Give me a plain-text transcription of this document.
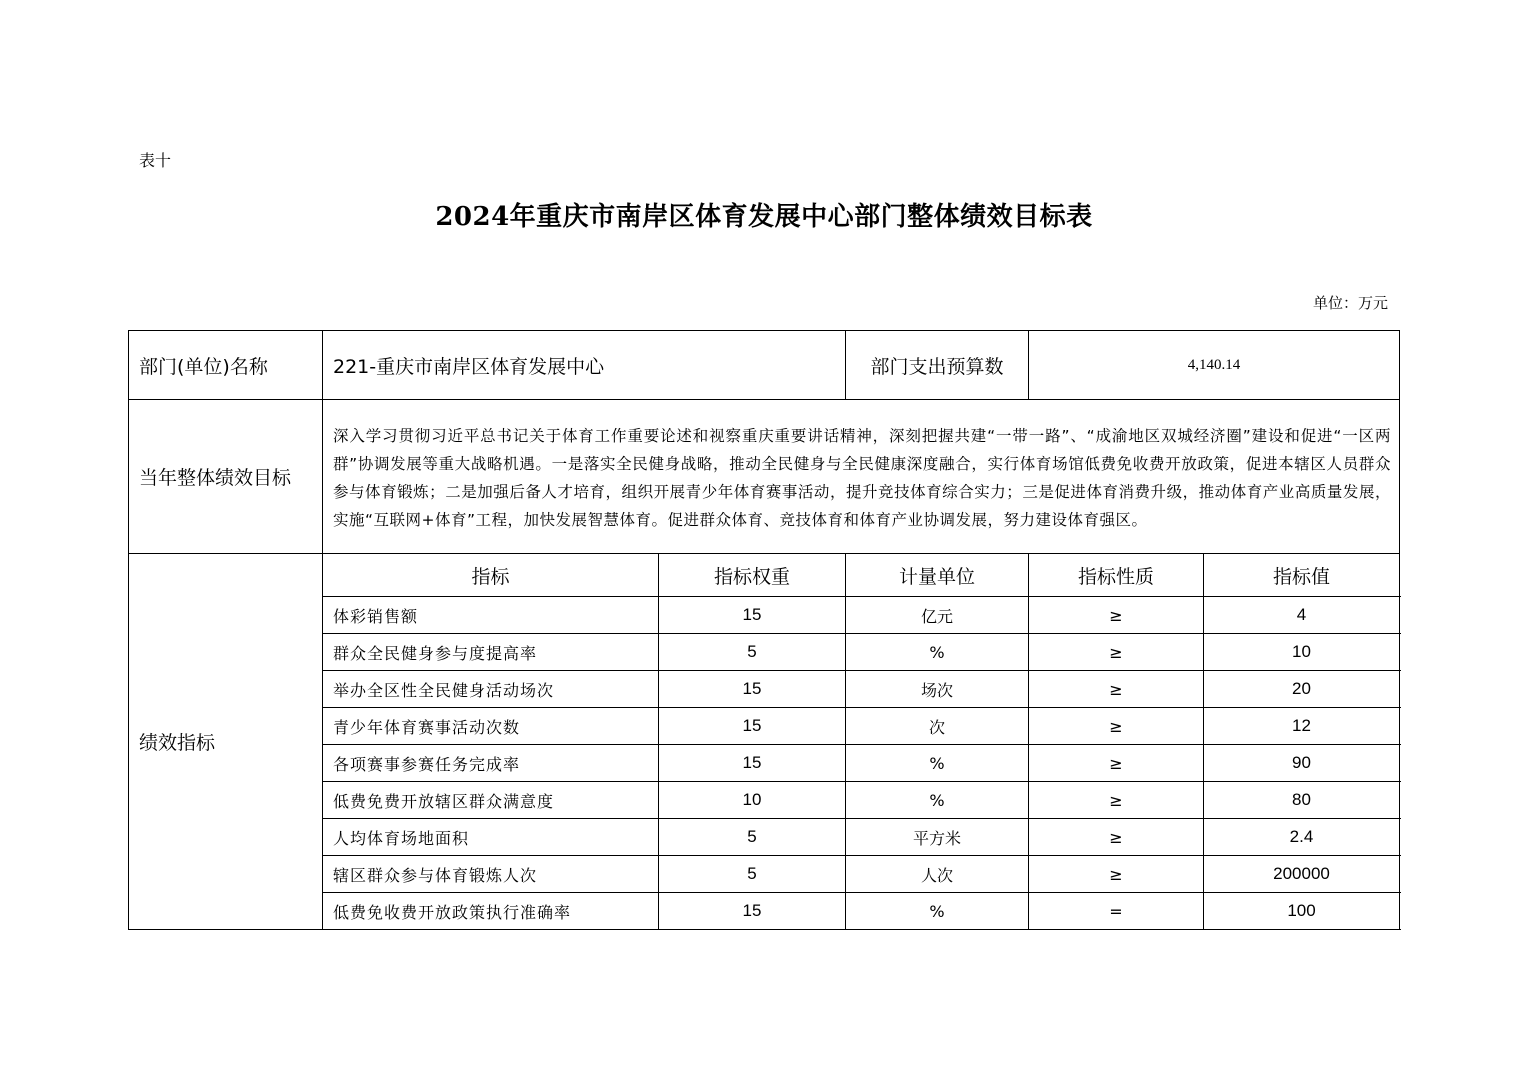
表十
2024年重庆市南岸区体育发展中心部门整体绩效目标表
单位：万元
部门(单位)名称	221-重庆市南岸区体育发展中心		部门支出预算数	4,140.14	
当年整体绩效目标	深入学习贯彻习近平总书记关于体育工作重要论述和视察重庆重要讲话精神，深刻把握共建“一带一路”、“成渝地区双城经济圈”建设和促进“一区两群”协调发展等重大战略机遇。一是落实全民健身战略，推动全民健身与全民健康深度融合，实行体育场馆低费免收费开放政策，促进本辖区人员群众参与体育锻炼；二是加强后备人才培育，组织开展青少年体育赛事活动，提升竞技体育综合实力；三是促进体育消费升级，推动体育产业高质量发展，实施“互联网+体育”工程，加快发展智慧体育。促进群众体育、竞技体育和体育产业协调发展，努力建设体育强区。				
绩效指标	指标	指标权重	计量单位	指标性质	指标值
	体彩销售额	15	亿元	≥	4
	群众全民健身参与度提高率	5	%	≥	10
	举办全区性全民健身活动场次	15	场次	≥	20
	青少年体育赛事活动次数	15	次	≥	12
	各项赛事参赛任务完成率	15	%	≥	90
	低费免费开放辖区群众满意度	10	%	≥	80
	人均体育场地面积	5	平方米	≥	2.4
	辖区群众参与体育锻炼人次	5	人次	≥	200000
	低费免收费开放政策执行准确率	15	%	=	100
